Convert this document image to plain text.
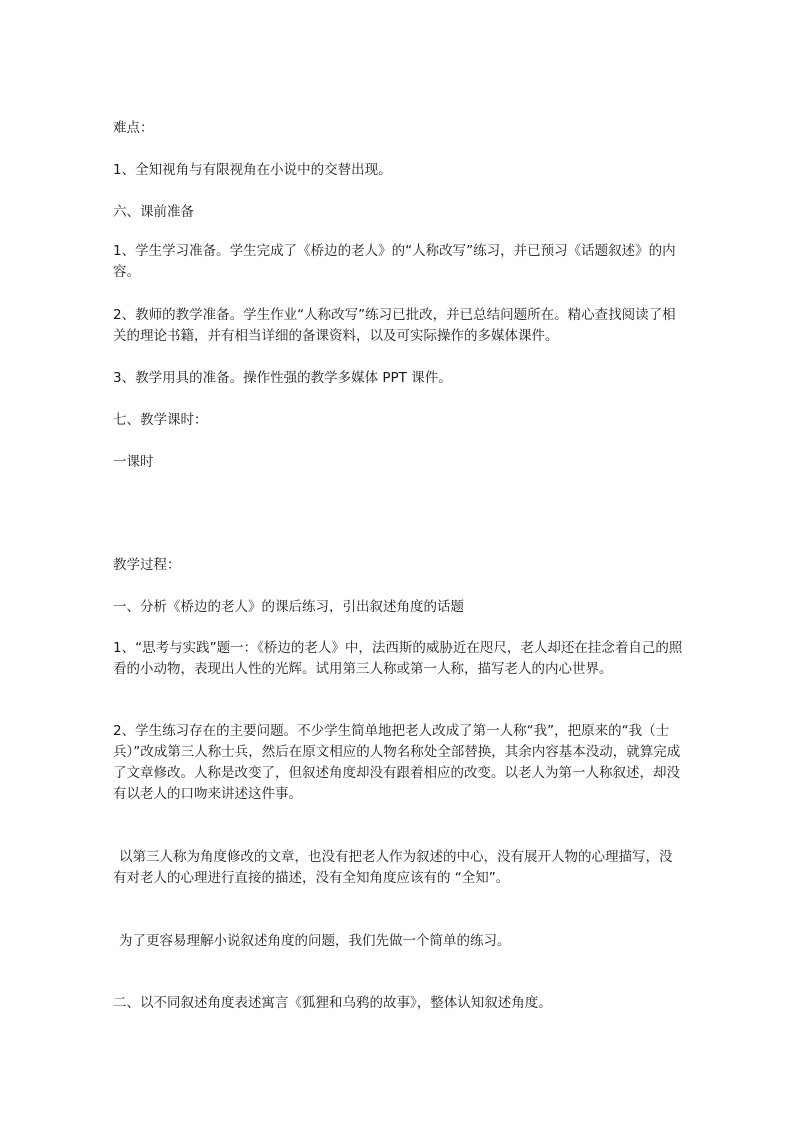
难点：

1、全知视角与有限视角在小说中的交替出现。

六、课前准备

1、学生学习准备。学生完成了《桥边的老人》的“人称改写”练习，并已预习《话题叙述》的内容。

2、教师的教学准备。学生作业“人称改写”练习已批改，并已总结问题所在。精心查找阅读了相关的理论书籍，并有相当详细的备课资料，以及可实际操作的多媒体课件。

3、教学用具的准备。操作性强的教学多媒体 PPT 课件。

七、教学课时：

一课时

教学过程：

一、分析《桥边的老人》的课后练习，引出叙述角度的话题

1、“思考与实践”题一：《桥边的老人》中，法西斯的威胁近在咫尺，老人却还在挂念着自己的照看的小动物，表现出人性的光辉。试用第三人称或第一人称，描写老人的内心世界。

2、学生练习存在的主要问题。不少学生简单地把老人改成了第一人称“我”，把原来的“我（士兵）”改成第三人称士兵，然后在原文相应的人物名称处全部替换，其余内容基本没动，就算完成了文章修改。人称是改变了，但叙述角度却没有跟着相应的改变。以老人为第一人称叙述，却没有以老人的口吻来讲述这件事。

以第三人称为角度修改的文章，也没有把老人作为叙述的中心，没有展开人物的心理描写，没有对老人的心理进行直接的描述，没有全知角度应该有的 “全知”。

为了更容易理解小说叙述角度的问题，我们先做一个简单的练习。

二、以不同叙述角度表述寓言《狐狸和乌鸦的故事》，整体认知叙述角度。
